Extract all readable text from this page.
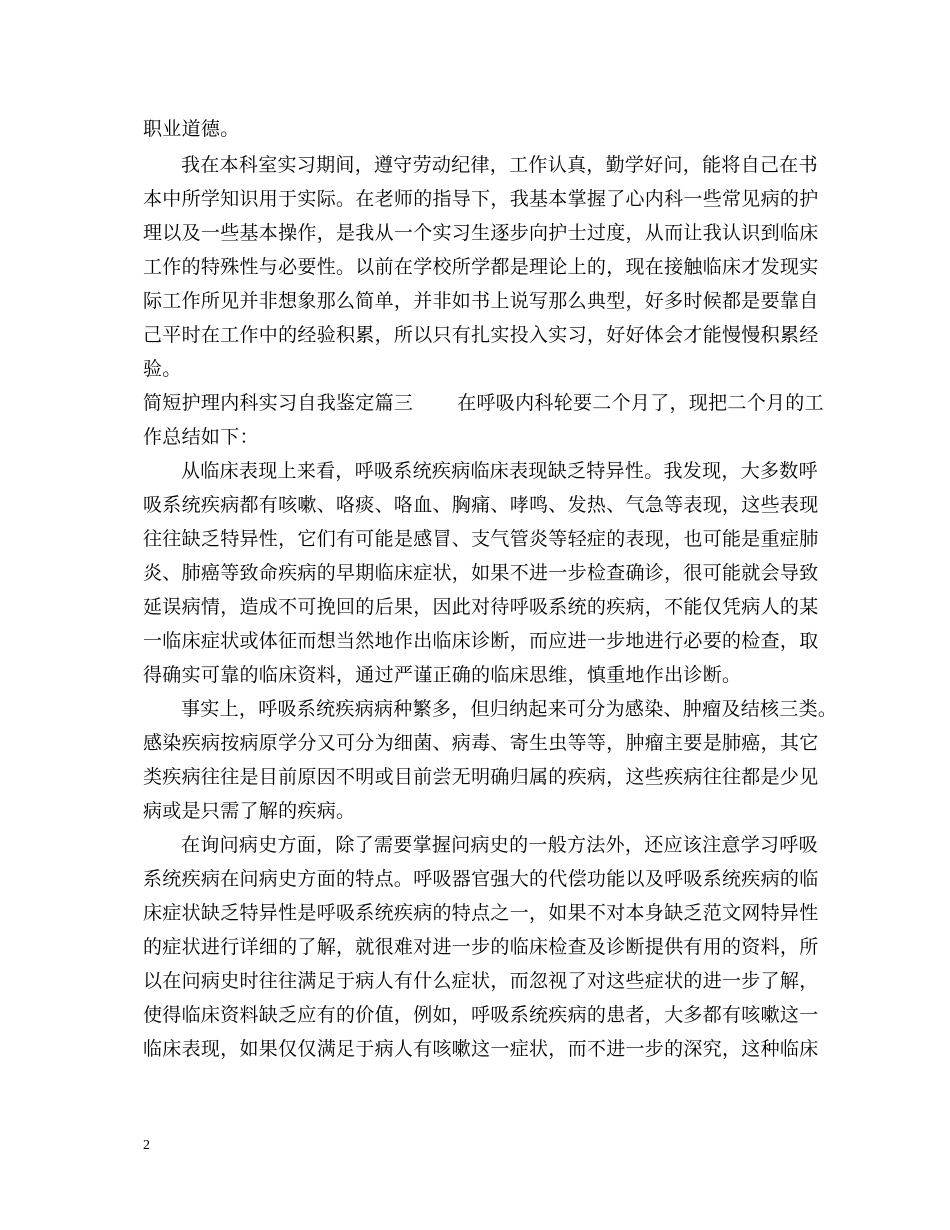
职业道德。
我在本科室实习期间，遵守劳动纪律，工作认真，勤学好问，能将自己在书
本中所学知识用于实际。在老师的指导下，我基本掌握了心内科一些常见病的护
理以及一些基本操作，是我从一个实习生逐步向护士过度，从而让我认识到临床
工作的特殊性与必要性。以前在学校所学都是理论上的，现在接触临床才发现实
际工作所见并非想象那么简单，并非如书上说写那么典型，好多时候都是要靠自
己平时在工作中的经验积累，所以只有扎实投入实习，好好体会才能慢慢积累经
验。
简短护理内科实习自我鉴定篇三 在呼吸内科轮要二个月了，现把二个月的工
作总结如下：
从临床表现上来看，呼吸系统疾病临床表现缺乏特异性。我发现，大多数呼
吸系统疾病都有咳嗽、咯痰、咯血、胸痛、哮鸣、发热、气急等表现，这些表现
往往缺乏特异性，它们有可能是感冒、支气管炎等轻症的表现，也可能是重症肺
炎、肺癌等致命疾病的早期临床症状，如果不进一步检查确诊，很可能就会导致
延误病情，造成不可挽回的后果，因此对待呼吸系统的疾病，不能仅凭病人的某
一临床症状或体征而想当然地作出临床诊断，而应进一步地进行必要的检查，取
得确实可靠的临床资料，通过严谨正确的临床思维，慎重地作出诊断。
事实上，呼吸系统疾病病种繁多，但归纳起来可分为感染、肿瘤及结核三类。
感染疾病按病原学分又可分为细菌、病毒、寄生虫等等，肿瘤主要是肺癌，其它
类疾病往往是目前原因不明或目前尝无明确归属的疾病，这些疾病往往都是少见
病或是只需了解的疾病。
在询问病史方面，除了需要掌握问病史的一般方法外，还应该注意学习呼吸
系统疾病在问病史方面的特点。呼吸器官强大的代偿功能以及呼吸系统疾病的临
床症状缺乏特异性是呼吸系统疾病的特点之一，如果不对本身缺乏范文网特异性
的症状进行详细的了解，就很难对进一步的临床检查及诊断提供有用的资料，所
以在问病史时往往满足于病人有什么症状，而忽视了对这些症状的进一步了解，
使得临床资料缺乏应有的价值，例如，呼吸系统疾病的患者，大多都有咳嗽这一
临床表现，如果仅仅满足于病人有咳嗽这一症状，而不进一步的深究，这种临床
2
